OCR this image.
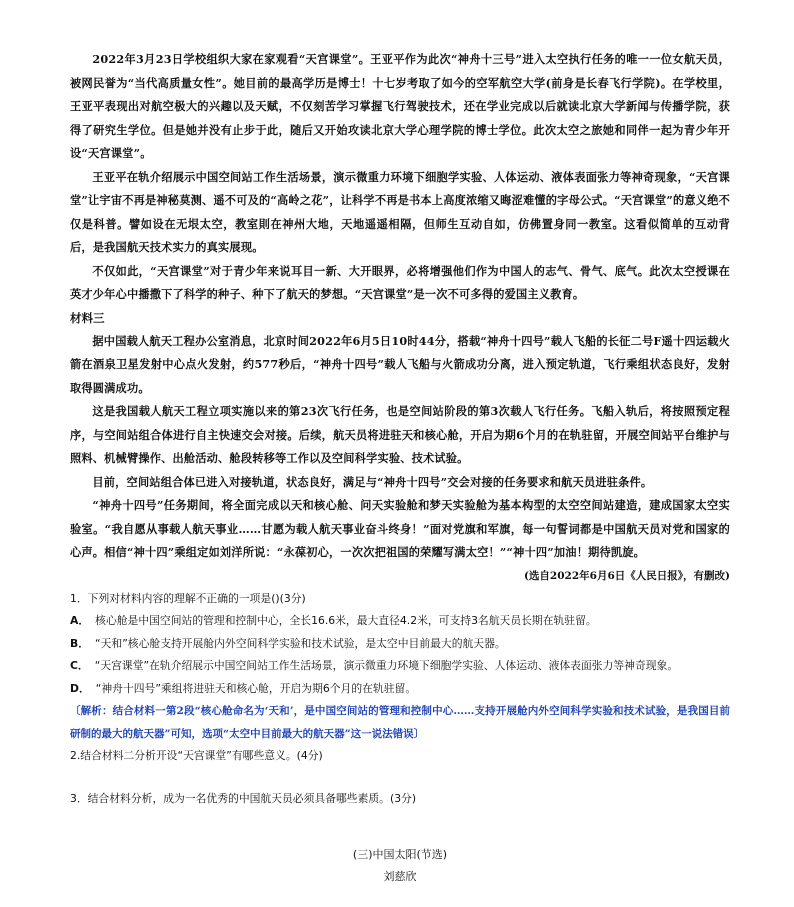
2022年3月23日学校组织大家在家观看“天宫课堂”。王亚平作为此次“神舟十三号”进入太空执行任务的唯一一位女航天员，被网民誉为“当代高质量女性”。她目前的最高学历是博士！十七岁考取了如今的空军航空大学(前身是长春飞行学院)。在学校里，王亚平表现出对航空极大的兴趣以及天赋，不仅刻苦学习掌握飞行驾驶技术，还在学业完成以后就读北京大学新闻与传播学院，获得了研究生学位。但是她并没有止步于此，随后又开始攻读北京大学心理学院的博士学位。此次太空之旅她和同伴一起为青少年开设“天宫课堂”。

王亚平在轨介绍展示中国空间站工作生活场景，演示微重力环境下细胞学实验、人体运动、液体表面张力等神奇现象，“天宫课堂”让宇宙不再是神秘莫测、遥不可及的“高岭之花”，让科学不再是书本上高度浓缩又晦涩难懂的字母公式。“天宫课堂”的意义绝不仅是科普。譬如设在无垠太空，教室則在神州大地，天地遥遥相隔，但师生互动自如，仿佛置身同一教室。这看似简单的互动背后，是我国航天技术实力的真实展现。

不仅如此，“天宫课堂”对于青少年来说耳目一新、大开眼界，必将增强他们作为中国人的志气、骨气、底气。此次太空授课在英才少年心中播撒下了科学的种子、种下了航天的梦想。“天宫课堂”是一次不可多得的爱国主义教育。

材料三

据中国载人航天工程办公室消息，北京时间2022年6月5日10时44分，搭载“神舟十四号”载人飞船的长征二号F遥十四运载火箭在酒泉卫星发射中心点火发射，约577秒后，“神舟十四号”载人飞船与火箭成功分离，进入预定轨道，飞行乘组状态良好，发射取得圆满成功。

这是我国载人航天工程立项实施以来的第23次飞行任务，也是空间站阶段的第3次载人飞行任务。飞船入轨后，将按照预定程序，与空间站组合体进行自主快速交会对接。后续，航天员将进驻天和核心舱，开启为期6个月的在轨驻留，开展空间站平台维护与照料、机械臂操作、出舱活动、舱段转移等工作以及空间科学实验、技术试验。

目前，空间站组合体已进入对接轨道，状态良好，满足与“神舟十四号”交会对接的任务要求和航天员进驻条件。

“神舟十四号”任务期间，将全面完成以天和核心舱、问天实验舱和梦天实验舱为基本构型的太空空间站建造，建成国家太空实验室。“我自愿从事载人航天事业……甘愿为载人航天事业奋斗终身！”面对党旗和军旗，每一句誓词都是中国航天员对党和国家的心声。相信“神十四”乘组定如刘洋所说：“永葆初心，一次次把祖国的荣耀写满太空！”“神十四”加油！期待凯旋。

(选自2022年6月6日《人民日报》，有删改)

1．下列对材料内容的理解不正确的一项是()(3分)

A． 核心舱是中国空间站的管理和控制中心，全长16.6米，最大直径4.2米，可支持3名航天员长期在轨驻留。

B． “天和”核心舱支持开展舱内外空间科学实验和技术试验，是太空中目前最大的航天器。

C． “天宫课堂”在轨介绍展示中国空间站工作生活场景，演示微重力环境下细胞学实验、人体运动、液体表面张力等神奇现象。

D． “神舟十四号”乘组将进驻天和核心舱，开启为期6个月的在轨驻留。

〔解析：结合材料一第2段“核心舱命名为‘天和’，是中国空间站的管理和控制中心……支持开展舱内外空间科学实验和技术试验，是我国目前研制的最大的航天器”可知，选项“太空中目前最大的航天器”这一说法错误〕

2.结合材料二分析开设“天宫课堂”有哪些意义。(4分)

3．结合材料分析，成为一名优秀的中国航天员必须具备哪些素质。(3分)

(三)中国太阳(节选)

刘慈欣
